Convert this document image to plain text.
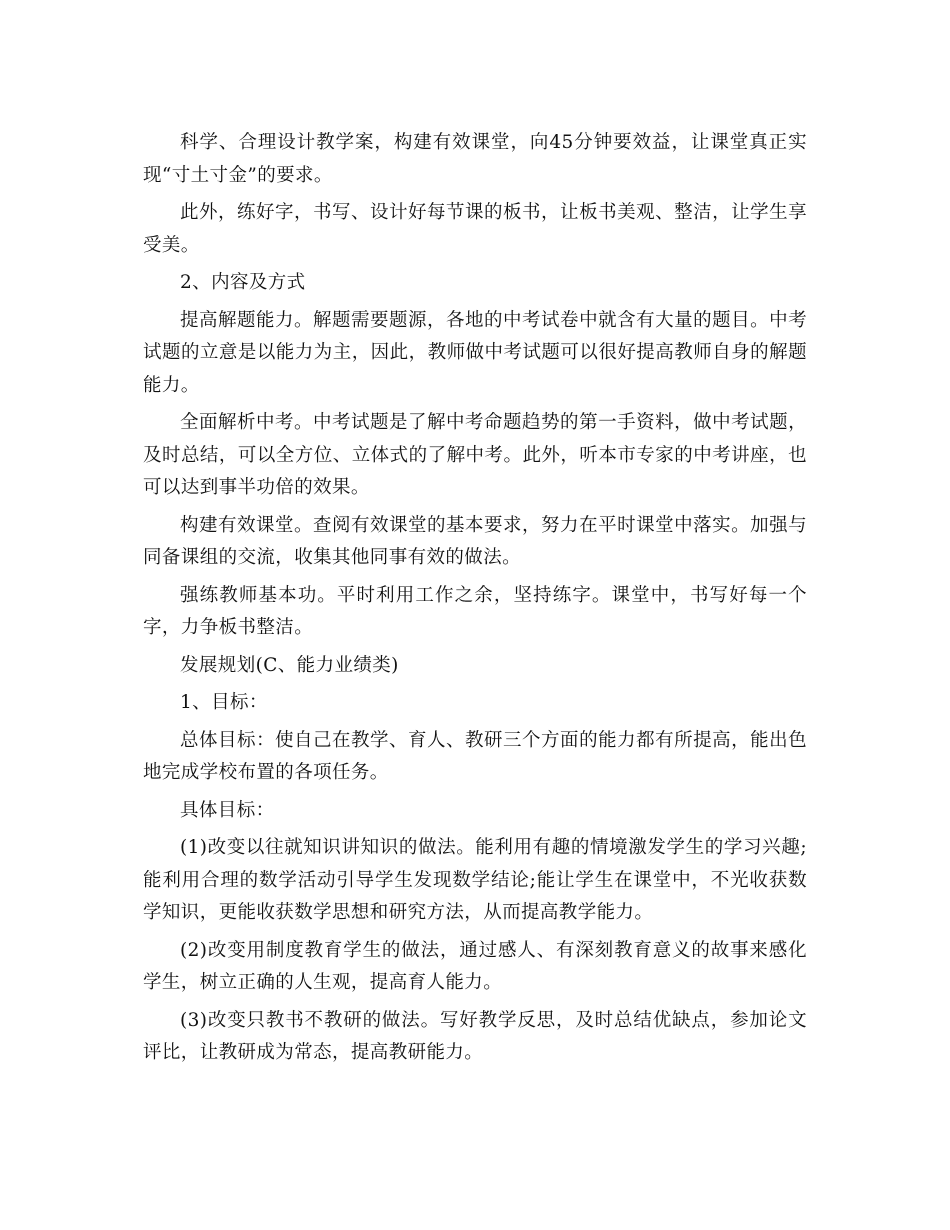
科学、合理设计教学案，构建有效课堂，向45分钟要效益，让课堂真正实现“寸土寸金”的要求。

此外，练好字，书写、设计好每节课的板书，让板书美观、整洁，让学生享受美。

2、内容及方式

提高解题能力。解题需要题源，各地的中考试卷中就含有大量的题目。中考试题的立意是以能力为主，因此，教师做中考试题可以很好提高教师自身的解题能力。

全面解析中考。中考试题是了解中考命题趋势的第一手资料，做中考试题，及时总结，可以全方位、立体式的了解中考。此外，听本市专家的中考讲座，也可以达到事半功倍的效果。

构建有效课堂。查阅有效课堂的基本要求，努力在平时课堂中落实。加强与同备课组的交流，收集其他同事有效的做法。

强练教师基本功。平时利用工作之余，坚持练字。课堂中，书写好每一个字，力争板书整洁。

发展规划(C、能力业绩类)

1、目标：

总体目标：使自己在教学、育人、教研三个方面的能力都有所提高，能出色地完成学校布置的各项任务。

具体目标：

(1)改变以往就知识讲知识的做法。能利用有趣的情境激发学生的学习兴趣;能利用合理的数学活动引导学生发现数学结论;能让学生在课堂中，不光收获数学知识，更能收获数学思想和研究方法，从而提高教学能力。

(2)改变用制度教育学生的做法，通过感人、有深刻教育意义的故事来感化学生，树立正确的人生观，提高育人能力。

(3)改变只教书不教研的做法。写好教学反思，及时总结优缺点，参加论文评比，让教研成为常态，提高教研能力。
